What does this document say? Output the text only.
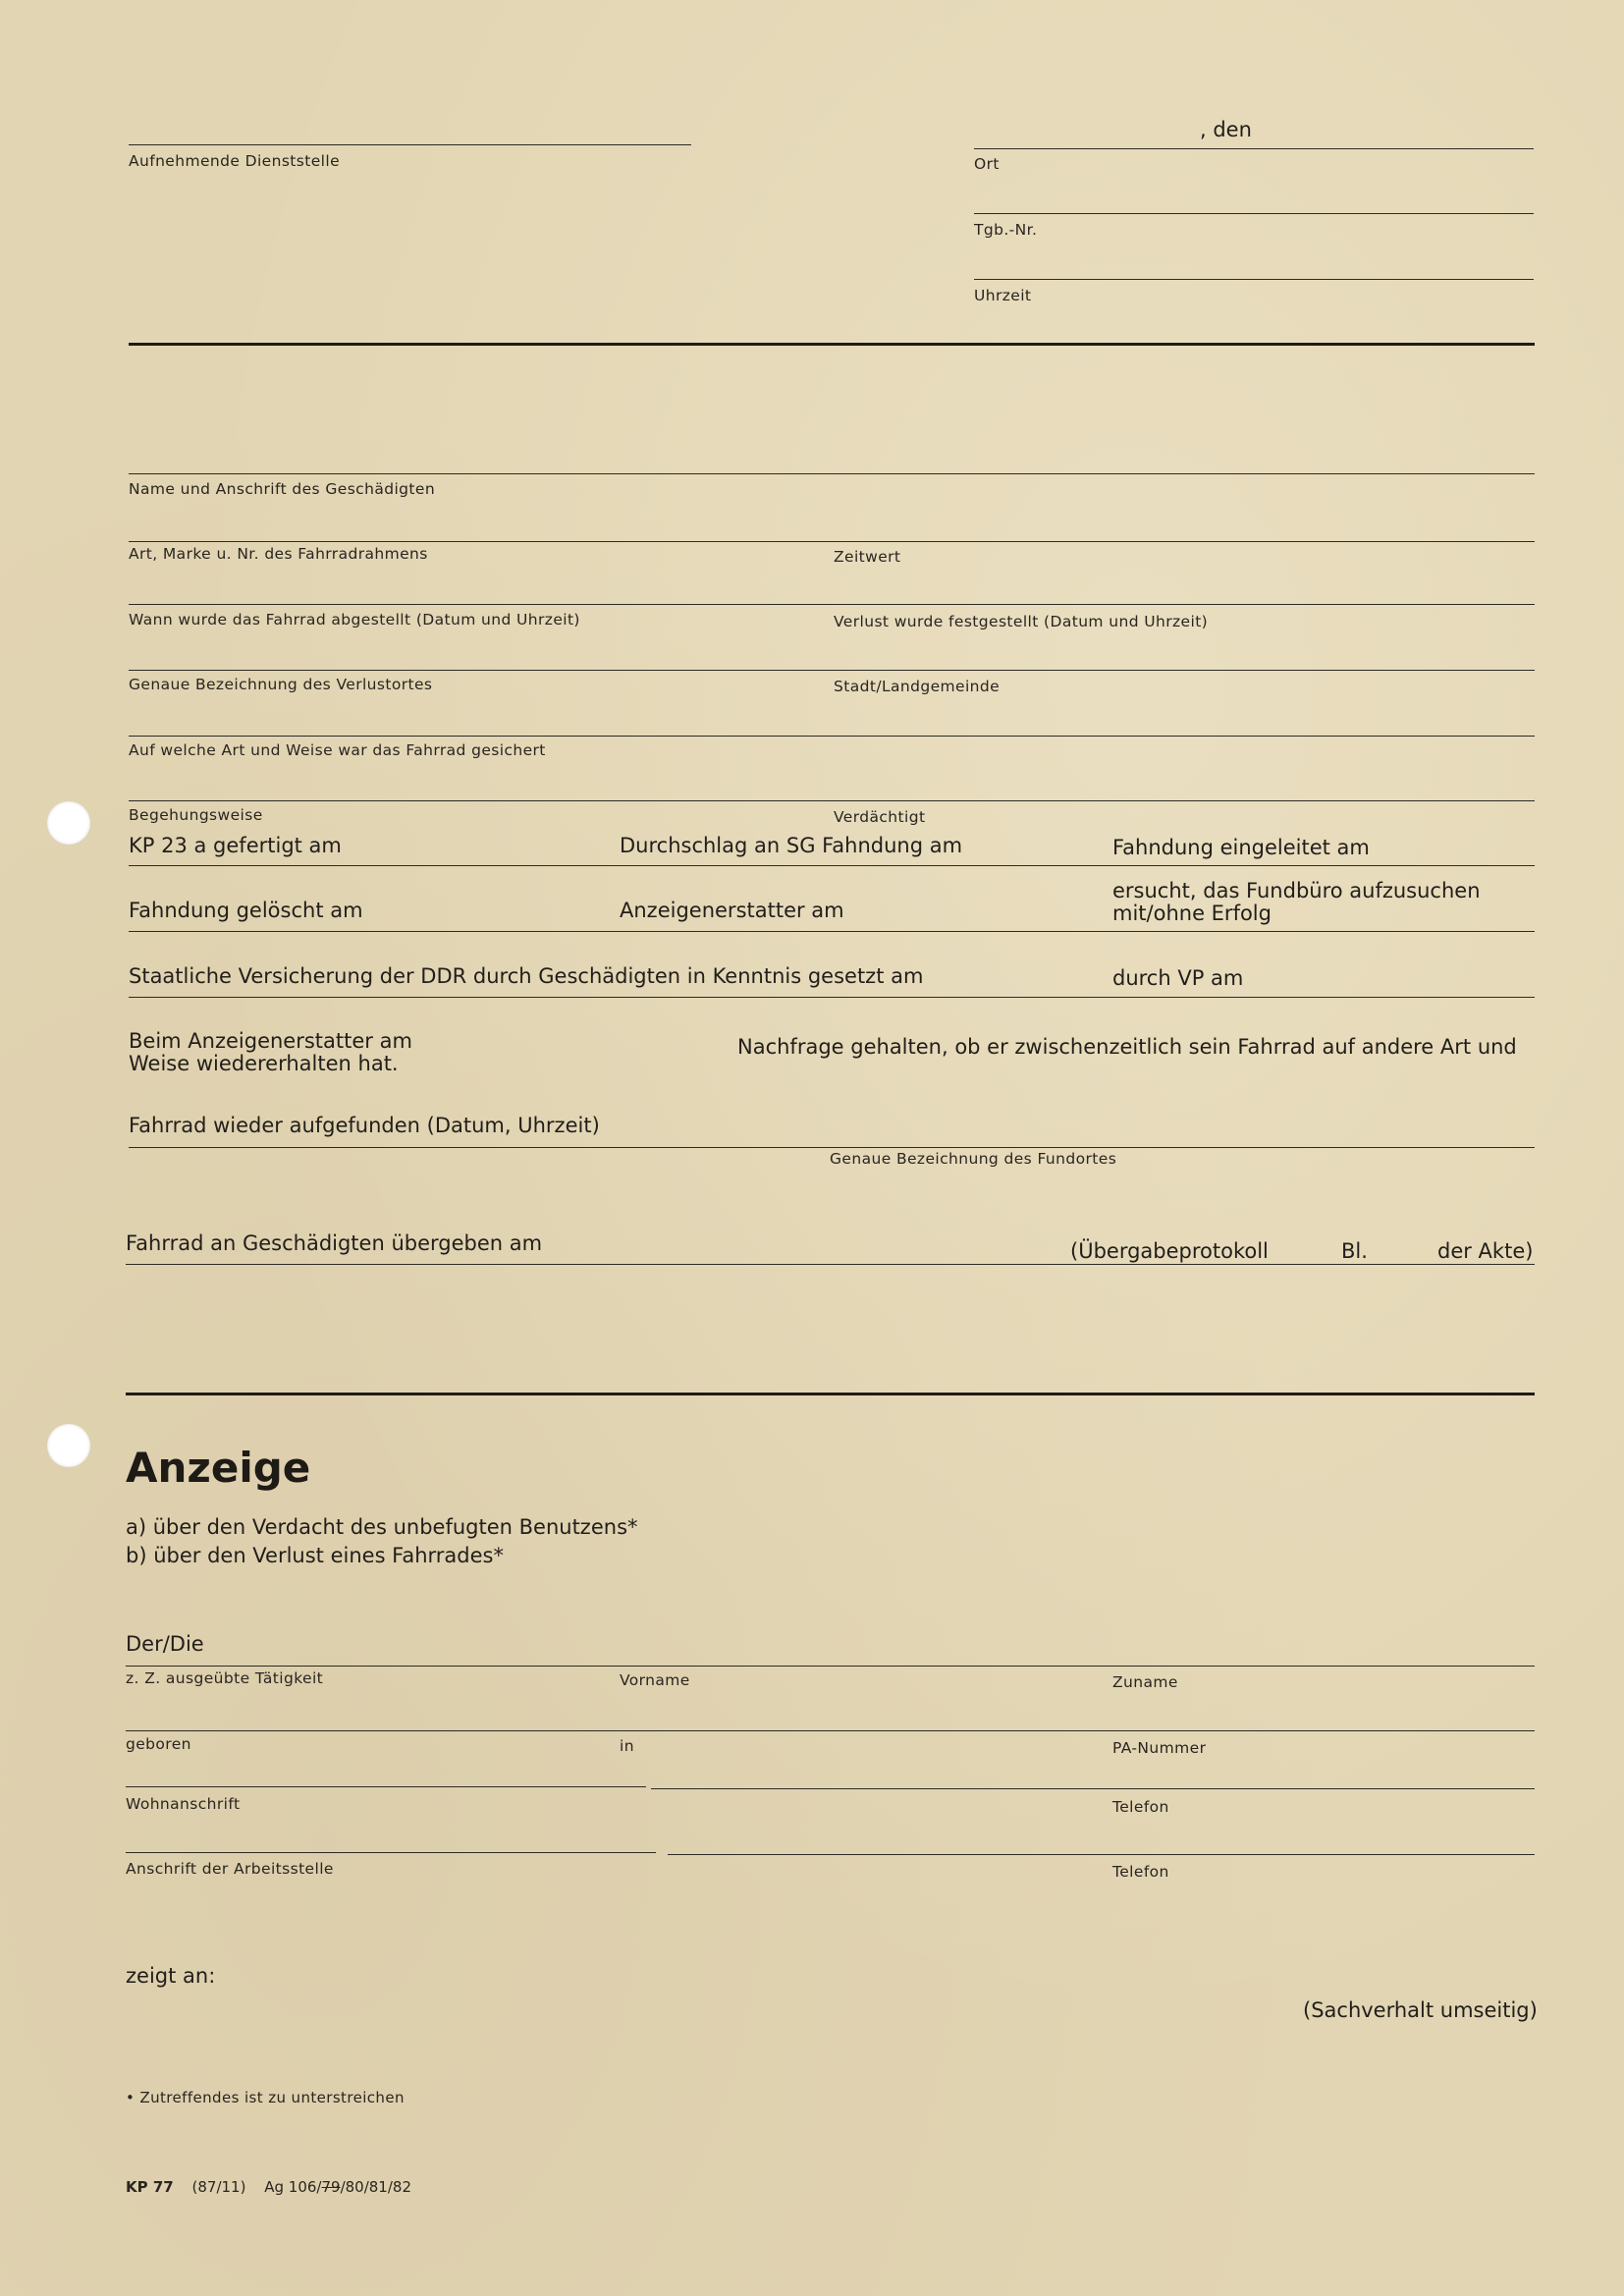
Aufnehmende Dienststelle
, den
Ort
Tgb.-Nr.
Uhrzeit
Name und Anschrift des Geschädigten
Art, Marke u. Nr. des Fahrradrahmens	Zeitwert
Wann wurde das Fahrrad abgestellt (Datum und Uhrzeit)	Verlust wurde festgestellt (Datum und Uhrzeit)
Genaue Bezeichnung des Verlustortes	Stadt/Landgemeinde
Auf welche Art und Weise war das Fahrrad gesichert
Begehungsweise	Verdächtigt
KP 23 a gefertigt am	Durchschlag an SG Fahndung am	Fahndung eingeleitet am
Fahndung gelöscht am	Anzeigenerstatter am
ersucht, das Fundbüro aufzusuchen
mit/ohne Erfolg
Staatliche Versicherung der DDR durch Geschädigten in Kenntnis gesetzt am	durch VP am
Beim Anzeigenerstatter am	Nachfrage gehalten, ob er zwischenzeitlich sein Fahrrad auf andere Art und
Weise wiedererhalten hat.
Fahrrad wieder aufgefunden (Datum, Uhrzeit)
Genaue Bezeichnung des Fundortes
Fahrrad an Geschädigten übergeben am	(Übergabeprotokoll	Bl.	der Akte)
Anzeige
a) über den Verdacht des unbefugten Benutzens*
b) über den Verlust eines Fahrrades*
Der/Die
z. Z. ausgeübte Tätigkeit	Vorname	Zuname
geboren	in	PA-Nummer
Wohnanschrift	Telefon
Anschrift der Arbeitsstelle	Telefon
zeigt an:
(Sachverhalt umseitig)
• Zutreffendes ist zu unterstreichen
KP 77 (87/11) Ag 106/79/80/81/82
